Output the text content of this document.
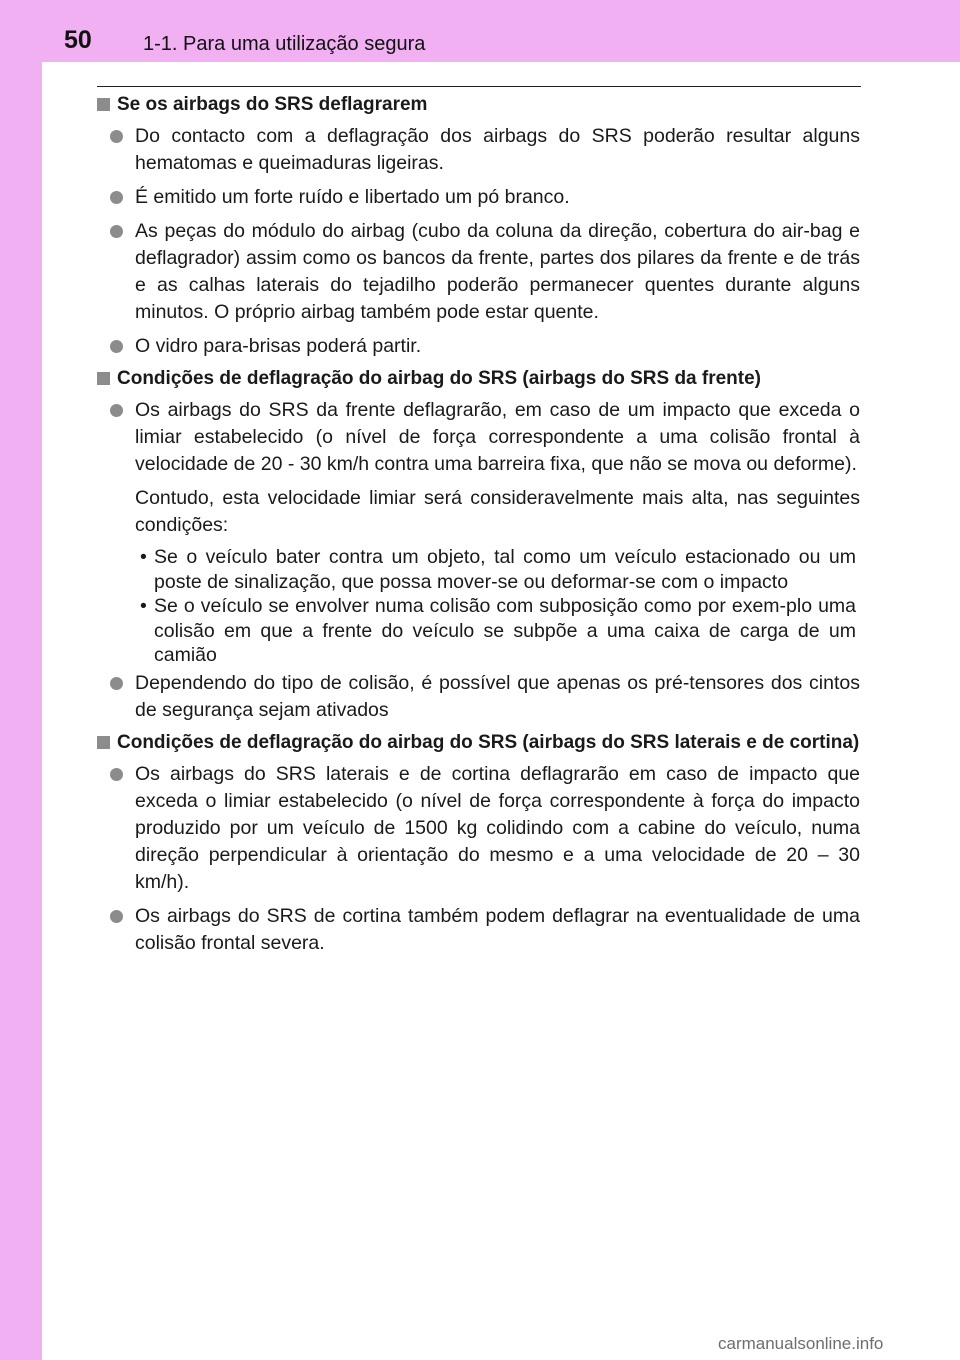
50	1-1. Para uma utilização segura
Se os airbags do SRS deflagrarem
Do contacto com a deflagração dos airbags do SRS poderão resultar alguns hematomas e queimaduras ligeiras.
É emitido um forte ruído e libertado um pó branco.
As peças do módulo do airbag (cubo da coluna da direção, cobertura do air-bag e deflagrador) assim como os bancos da frente, partes dos pilares da frente e de trás e as calhas laterais do tejadilho poderão permanecer quentes durante alguns minutos. O próprio airbag também pode estar quente.
O vidro para-brisas poderá partir.
Condições de deflagração do airbag do SRS (airbags do SRS da frente)
Os airbags do SRS da frente deflagrarão, em caso de um impacto que exceda o limiar estabelecido (o nível de força correspondente a uma colisão frontal à velocidade de 20 - 30 km/h contra uma barreira fixa, que não se mova ou deforme).
Contudo, esta velocidade limiar será consideravelmente mais alta, nas seguintes condições:
• Se o veículo bater contra um objeto, tal como um veículo estacionado ou um poste de sinalização, que possa mover-se ou deformar-se com o impacto
• Se o veículo se envolver numa colisão com subposição como por exem-plo uma colisão em que a frente do veículo se subpõe a uma caixa de carga de um camião
Dependendo do tipo de colisão, é possível que apenas os pré-tensores dos cintos de segurança sejam ativados
Condições de deflagração do airbag do SRS (airbags do SRS laterais e de cortina)
Os airbags do SRS laterais e de cortina deflagrarão em caso de impacto que exceda o limiar estabelecido (o nível de força correspondente à força do impacto produzido por um veículo de 1500 kg colidindo com a cabine do veículo, numa direção perpendicular à orientação do mesmo e a uma velocidade de 20 – 30 km/h).
Os airbags do SRS de cortina também podem deflagrar na eventualidade de uma colisão frontal severa.
carmanualsonline.info
